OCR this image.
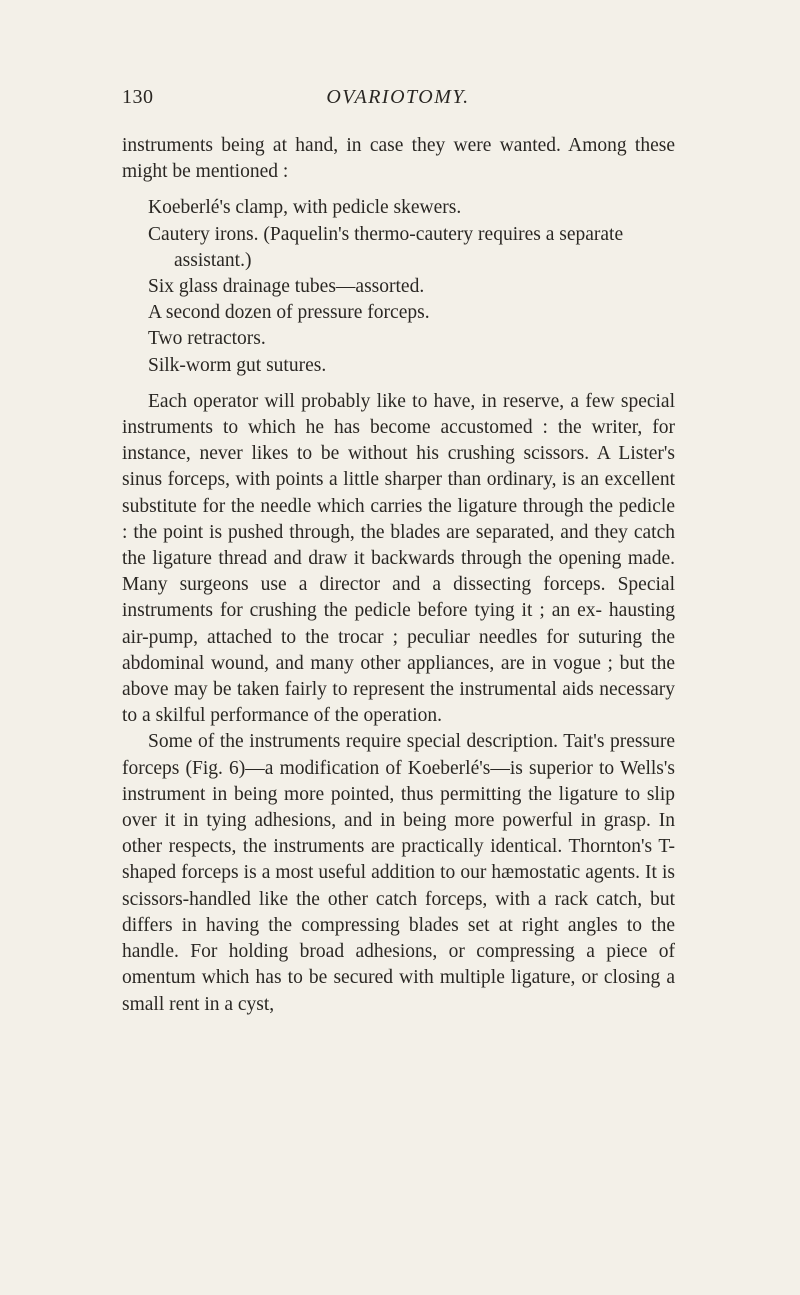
130	OVARIOTOMY.

instruments being at hand, in case they were wanted. Among these might be mentioned :

Koeberlé's clamp, with pedicle skewers.
Cautery irons. (Paquelin's thermo-cautery requires a separate assistant.)
Six glass drainage tubes—assorted.
A second dozen of pressure forceps.
Two retractors.
Silk-worm gut sutures.

Each operator will probably like to have, in reserve, a few special instruments to which he has become accustomed : the writer, for instance, never likes to be without his crushing scissors. A Lister's sinus forceps, with points a little sharper than ordinary, is an excellent substitute for the needle which carries the ligature through the pedicle : the point is pushed through, the blades are separated, and they catch the ligature thread and draw it backwards through the opening made. Many surgeons use a director and a dissecting forceps. Special instruments for crushing the pedicle before tying it ; an ex- hausting air-pump, attached to the trocar ; peculiar needles for suturing the abdominal wound, and many other appliances, are in vogue ; but the above may be taken fairly to represent the instrumental aids necessary to a skilful performance of the operation.

Some of the instruments require special description. Tait's pressure forceps (Fig. 6)—a modification of Koeberlé's—is superior to Wells's instrument in being more pointed, thus permitting the ligature to slip over it in tying adhesions, and in being more powerful in grasp. In other respects, the instruments are practically identical. Thornton's T-shaped forceps is a most useful addition to our hæmostatic agents. It is scissors-handled like the other catch forceps, with a rack catch, but differs in having the compressing blades set at right angles to the handle. For holding broad adhesions, or compressing a piece of omentum which has to be secured with multiple ligature, or closing a small rent in a cyst,
